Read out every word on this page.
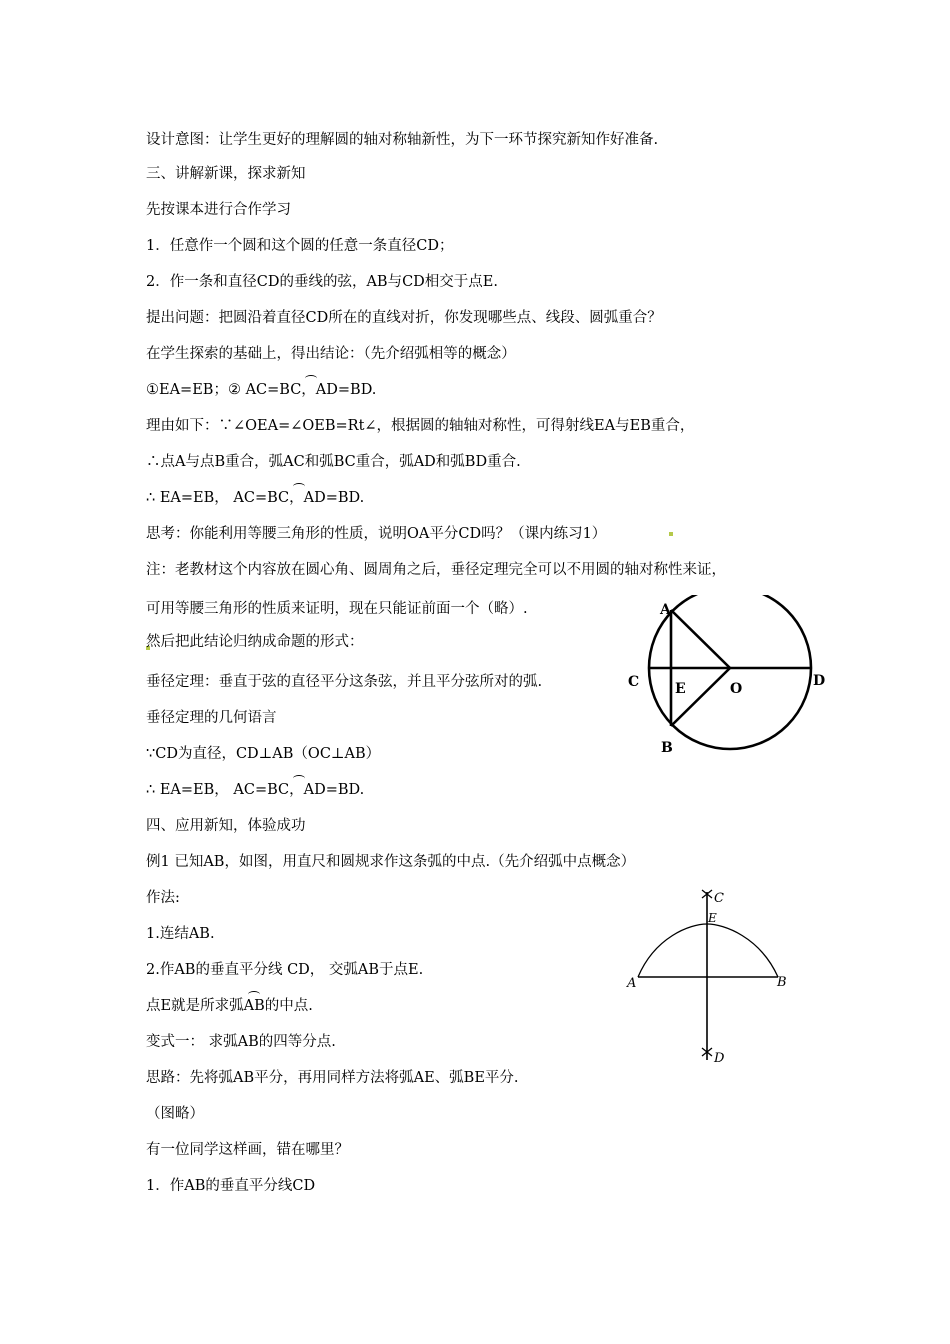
设计意图：让学生更好的理解圆的轴对称轴新性，为下一环节探究新知作好准备.
三、讲解新课，探求新知
先按课本进行合作学习
1．任意作一个圆和这个圆的任意一条直径CD；
2．作一条和直径CD的垂线的弦，AB与CD相交于点E.
提出问题：把圆沿着直径CD所在的直线对折，你发现哪些点、线段、圆弧重合？
在学生探索的基础上，得出结论：（先介绍弧相等的概念）
①EA=EB；② AC=BC，AD=BD.
理由如下：∵∠OEA=∠OEB=Rt∠，根据圆的轴轴对称性，可得射线EA与EB重合，
∴点A与点B重合，弧AC和弧BC重合，弧AD和弧BD重合.
∴ EA=EB， AC=BC，AD=BD.
思考：你能利用等腰三角形的性质，说明OA平分CD吗？（课内练习1）
注：老教材这个内容放在圆心角、圆周角之后，垂径定理完全可以不用圆的轴对称性来证，
可用等腰三角形的性质来证明，现在只能证前面一个（略）.
然后把此结论归纳成命题的形式：
垂径定理：垂直于弦的直径平分这条弦，并且平分弦所对的弧.
垂径定理的几何语言
∵CD为直径，CD⊥AB（OC⊥AB）
∴ EA=EB， AC=BC，AD=BD.
四、应用新知，体验成功
例1 已知AB，如图，用直尺和圆规求作这条弧的中点.（先介绍弧中点概念）
作法:
1.连结AB.
2.作AB的垂直平分线 CD， 交弧AB于点E.
点E就是所求弧AB的中点.
变式一： 求弧AB的四等分点.
思路：先将弧AB平分，再用同样方法将弧AE、弧BE平分.
（图略）
有一位同学这样画，错在哪里？
1．作AB的垂直平分线CD
A
B
C	D
E	O
A	B
C
E
D
